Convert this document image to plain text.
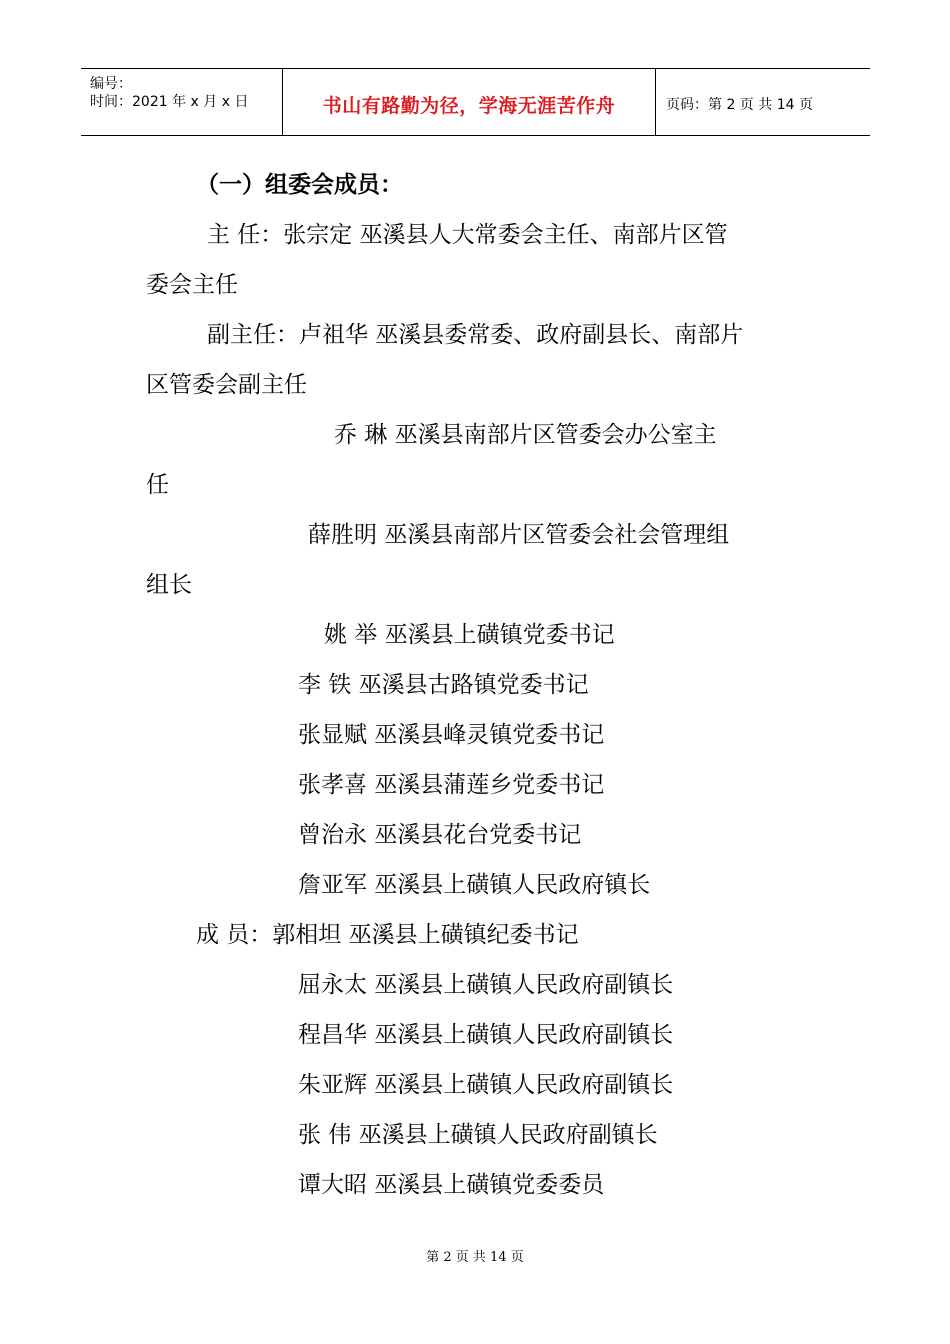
编号：
时间：2021 年 x 月 x 日	书山有路勤为径，学海无涯苦作舟	页码：第 2 页 共 14 页
（一）组委会成员：
主 任：张宗定 巫溪县人大常委会主任、南部片区管
委会主任
副主任：卢祖华 巫溪县委常委、政府副县长、南部片
区管委会副主任
乔 琳 巫溪县南部片区管委会办公室主
任
薛胜明 巫溪县南部片区管委会社会管理组
组长
姚 举 巫溪县上磺镇党委书记
李 铁 巫溪县古路镇党委书记
张显赋 巫溪县峰灵镇党委书记
张孝喜 巫溪县蒲莲乡党委书记
曾治永 巫溪县花台党委书记
詹亚军 巫溪县上磺镇人民政府镇长
成 员：郭相坦 巫溪县上磺镇纪委书记
屈永太 巫溪县上磺镇人民政府副镇长
程昌华 巫溪县上磺镇人民政府副镇长
朱亚辉 巫溪县上磺镇人民政府副镇长
张 伟 巫溪县上磺镇人民政府副镇长
谭大昭 巫溪县上磺镇党委委员
第 2 页 共 14 页
